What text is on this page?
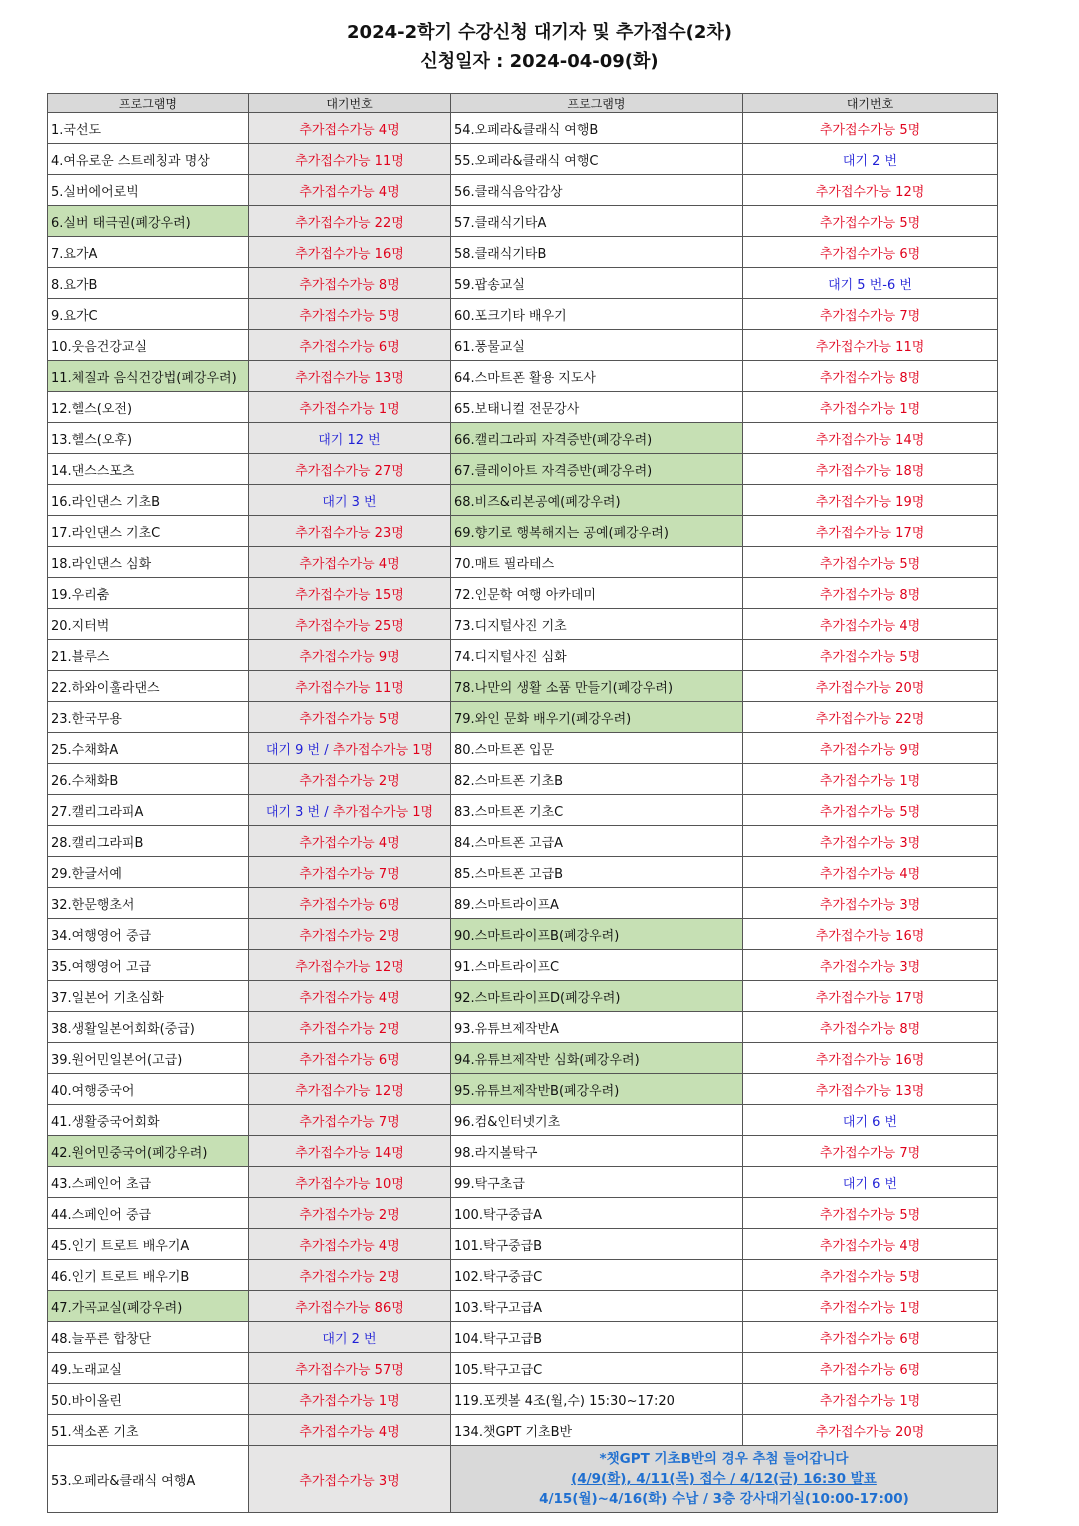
2024-2학기 수강신청 대기자 및 추가접수(2차)
신청일자 : 2024-04-09(화)
프로그램명	대기번호	프로그램명	대기번호
1.국선도	추가접수가능 4명	54.오페라&클래식 여행B	추가접수가능 5명
4.여유로운 스트레칭과 명상	추가접수가능 11명	55.오페라&클래식 여행C	대기 2 번
5.실버에어로빅	추가접수가능 4명	56.클래식음악감상	추가접수가능 12명
6.실버 태극권(폐강우려)	추가접수가능 22명	57.클래식기타A	추가접수가능 5명
7.요가A	추가접수가능 16명	58.클래식기타B	추가접수가능 6명
8.요가B	추가접수가능 8명	59.팝송교실	대기 5 번-6 번
9.요가C	추가접수가능 5명	60.포크기타 배우기	추가접수가능 7명
10.웃음건강교실	추가접수가능 6명	61.풍물교실	추가접수가능 11명
11.체질과 음식건강법(폐강우려)	추가접수가능 13명	64.스마트폰 활용 지도사	추가접수가능 8명
12.헬스(오전)	추가접수가능 1명	65.보태니컬 전문강사	추가접수가능 1명
13.헬스(오후)	대기 12 번	66.캘리그라피 자격증반(폐강우려)	추가접수가능 14명
14.댄스스포츠	추가접수가능 27명	67.클레이아트 자격증반(폐강우려)	추가접수가능 18명
16.라인댄스 기초B	대기 3 번	68.비즈&리본공예(폐강우려)	추가접수가능 19명
17.라인댄스 기초C	추가접수가능 23명	69.향기로 행복해지는 공예(폐강우려)	추가접수가능 17명
18.라인댄스 심화	추가접수가능 4명	70.매트 필라테스	추가접수가능 5명
19.우리춤	추가접수가능 15명	72.인문학 여행 아카데미	추가접수가능 8명
20.지터벅	추가접수가능 25명	73.디지털사진 기초	추가접수가능 4명
21.블루스	추가접수가능 9명	74.디지털사진 심화	추가접수가능 5명
22.하와이훌라댄스	추가접수가능 11명	78.나만의 생활 소품 만들기(폐강우려)	추가접수가능 20명
23.한국무용	추가접수가능 5명	79.와인 문화 배우기(폐강우려)	추가접수가능 22명
25.수채화A	대기 9 번 / 추가접수가능 1명	80.스마트폰 입문	추가접수가능 9명
26.수채화B	추가접수가능 2명	82.스마트폰 기초B	추가접수가능 1명
27.캘리그라피A	대기 3 번 / 추가접수가능 1명	83.스마트폰 기초C	추가접수가능 5명
28.캘리그라피B	추가접수가능 4명	84.스마트폰 고급A	추가접수가능 3명
29.한글서예	추가접수가능 7명	85.스마트폰 고급B	추가접수가능 4명
32.한문행초서	추가접수가능 6명	89.스마트라이프A	추가접수가능 3명
34.여행영어 중급	추가접수가능 2명	90.스마트라이프B(폐강우려)	추가접수가능 16명
35.여행영어 고급	추가접수가능 12명	91.스마트라이프C	추가접수가능 3명
37.일본어 기초심화	추가접수가능 4명	92.스마트라이프D(폐강우려)	추가접수가능 17명
38.생활일본어회화(중급)	추가접수가능 2명	93.유튜브제작반A	추가접수가능 8명
39.원어민일본어(고급)	추가접수가능 6명	94.유튜브제작반 심화(폐강우려)	추가접수가능 16명
40.여행중국어	추가접수가능 12명	95.유튜브제작반B(폐강우려)	추가접수가능 13명
41.생활중국어회화	추가접수가능 7명	96.컴&인터넷기초	대기 6 번
42.원어민중국어(폐강우려)	추가접수가능 14명	98.라지볼탁구	추가접수가능 7명
43.스페인어 초급	추가접수가능 10명	99.탁구초급	대기 6 번
44.스페인어 중급	추가접수가능 2명	100.탁구중급A	추가접수가능 5명
45.인기 트로트 배우기A	추가접수가능 4명	101.탁구중급B	추가접수가능 4명
46.인기 트로트 배우기B	추가접수가능 2명	102.탁구중급C	추가접수가능 5명
47.가곡교실(폐강우려)	추가접수가능 86명	103.탁구고급A	추가접수가능 1명
48.늘푸른 합창단	대기 2 번	104.탁구고급B	추가접수가능 6명
49.노래교실	추가접수가능 57명	105.탁구고급C	추가접수가능 6명
50.바이올린	추가접수가능 1명	119.포켓볼 4조(월,수) 15:30~17:20	추가접수가능 1명
51.색소폰 기초	추가접수가능 4명	134.챗GPT 기초B반	추가접수가능 20명
53.오페라&클래식 여행A	추가접수가능 3명	*챗GPT 기초B반의 경우 추첨 들어갑니다
(4/9(화), 4/11(목) 접수 / 4/12(금) 16:30 발표
4/15(월)~4/16(화) 수납 / 3층 강사대기실(10:00-17:00)	
